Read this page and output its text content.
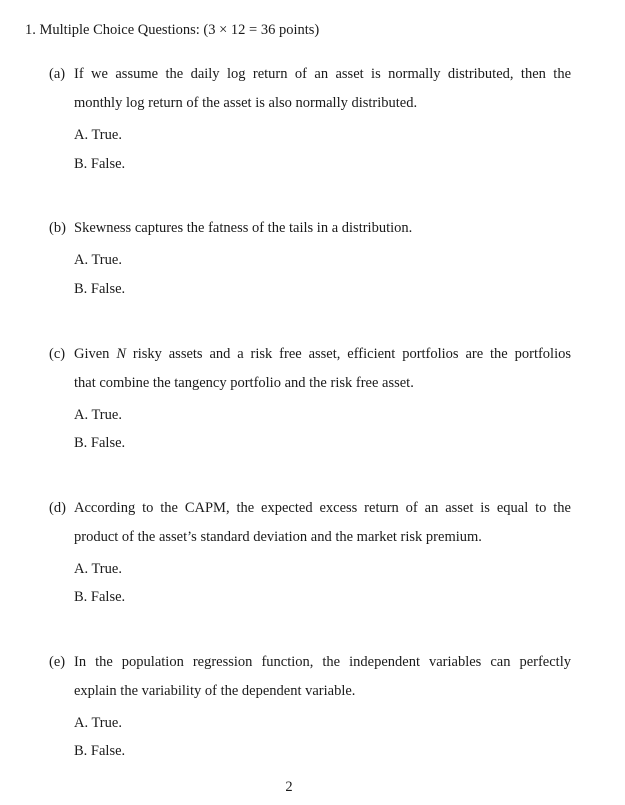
1. Multiple Choice Questions: (3 × 12 = 36 points)
(a) If we assume the daily log return of an asset is normally distributed, then the
monthly log return of the asset is also normally distributed.
A. True.
B. False.
(b) Skewness captures the fatness of the tails in a distribution.
A. True.
B. False.
(c) Given N risky assets and a risk free asset, efficient portfolios are the portfolios
that combine the tangency portfolio and the risk free asset.
A. True.
B. False.
(d) According to the CAPM, the expected excess return of an asset is equal to the
product of the asset’s standard deviation and the market risk premium.
A. True.
B. False.
(e) In the population regression function, the independent variables can perfectly
explain the variability of the dependent variable.
A. True.
B. False.
2
